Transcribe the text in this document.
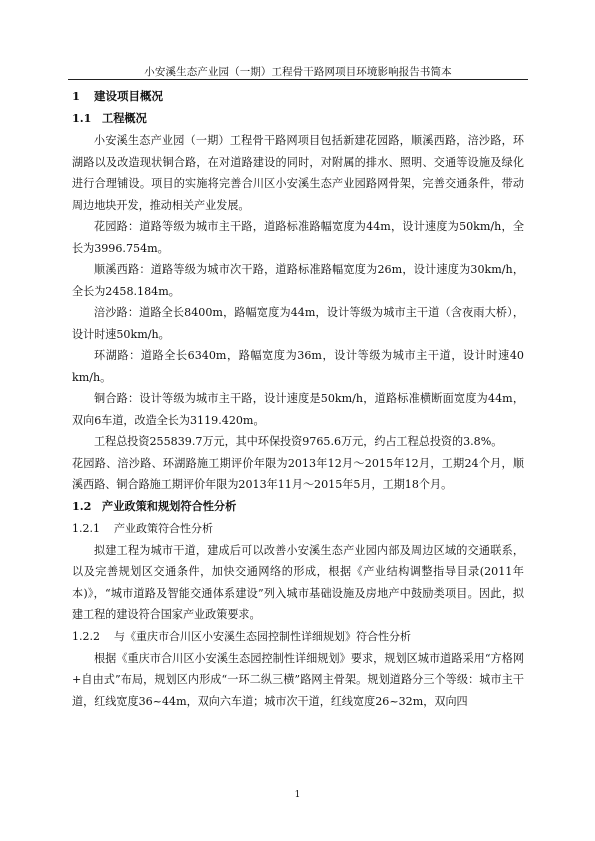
小安溪生态产业园（一期）工程骨干路网项目环境影响报告书简本
1	建设项目概况
1.1 工程概况

小安溪生态产业园（一期）工程骨干路网项目包括新建花园路，顺溪西路，涪沙路，环湖路以及改造现状铜合路，在对道路建设的同时，对附属的排水、照明、交通等设施及绿化进行合理铺设。项目的实施将完善合川区小安溪生态产业园路网骨架，完善交通条件，带动周边地块开发，推动相关产业发展。

花园路：道路等级为城市主干路，道路标准路幅宽度为44m，设计速度为50km/h，全长为3996.754m。

顺溪西路：道路等级为城市次干路，道路标准路幅宽度为26m，设计速度为30km/h，全长为2458.184m。

涪沙路：道路全长8400m，路幅宽度为44m，设计等级为城市主干道（含夜雨大桥），设计时速50km/h。

环湖路：道路全长6340m，路幅宽度为36m，设计等级为城市主干道，设计时速40 km/h。

铜合路：设计等级为城市主干路，设计速度是50km/h，道路标准横断面宽度为44m，双向6车道，改造全长为3119.420m。

工程总投资255839.7万元，其中环保投资9765.6万元，约占工程总投资的3.8%。

花园路、涪沙路、环湖路施工期评价年限为2013年12月～2015年12月，工期24个月，顺溪西路、铜合路施工期评价年限为2013年11月～2015年5月，工期18个月。

1.2 产业政策和规划符合性分析
1.2.1	产业政策符合性分析

拟建工程为城市干道，建成后可以改善小安溪生态产业园内部及周边区域的交通联系，以及完善规划区交通条件，加快交通网络的形成，根据《产业结构调整指导目录(2011年本)》，“城市道路及智能交通体系建设”列入城市基础设施及房地产中鼓励类项目。因此，拟建工程的建设符合国家产业政策要求。

1.2.2	与《重庆市合川区小安溪生态园控制性详细规划》符合性分析

根据《重庆市合川区小安溪生态园控制性详细规划》要求，规划区城市道路采用“方格网+自由式”布局，规划区内形成“一环二纵三横”路网主骨架。规划道路分三个等级：城市主干道，红线宽度36~44m，双向六车道；城市次干道，红线宽度26~32m，双向四

1
